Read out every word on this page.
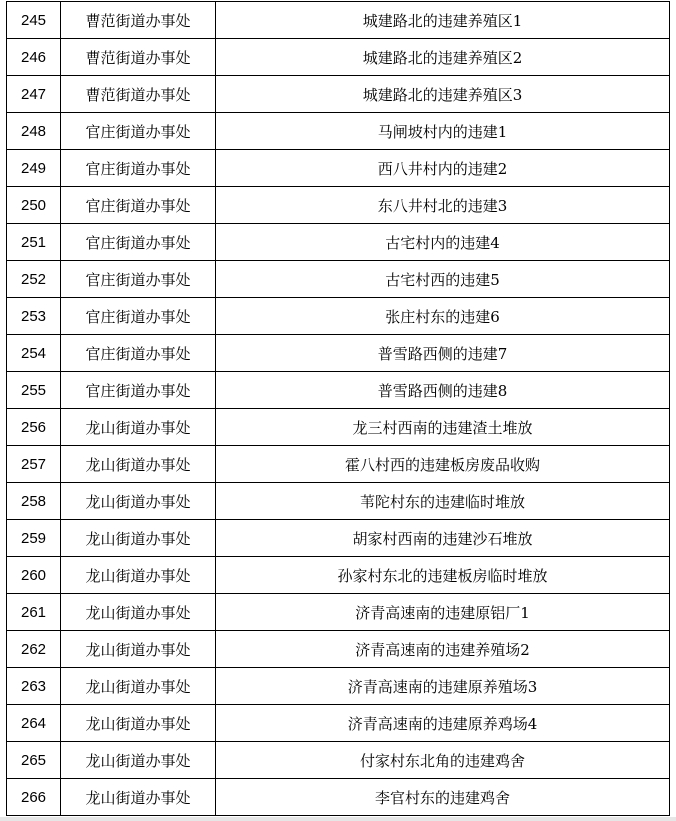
245	曹范街道办事处	城建路北的违建养殖区1
246	曹范街道办事处	城建路北的违建养殖区2
247	曹范街道办事处	城建路北的违建养殖区3
248	官庄街道办事处	马闸坡村内的违建1
249	官庄街道办事处	西八井村内的违建2
250	官庄街道办事处	东八井村北的违建3
251	官庄街道办事处	古宅村内的违建4
252	官庄街道办事处	古宅村西的违建5
253	官庄街道办事处	张庄村东的违建6
254	官庄街道办事处	普雪路西侧的违建7
255	官庄街道办事处	普雪路西侧的违建8
256	龙山街道办事处	龙三村西南的违建渣土堆放
257	龙山街道办事处	霍八村西的违建板房废品收购
258	龙山街道办事处	苇陀村东的违建临时堆放
259	龙山街道办事处	胡家村西南的违建沙石堆放
260	龙山街道办事处	孙家村东北的违建板房临时堆放
261	龙山街道办事处	济青高速南的违建原铝厂1
262	龙山街道办事处	济青高速南的违建养殖场2
263	龙山街道办事处	济青高速南的违建原养殖场3
264	龙山街道办事处	济青高速南的违建原养鸡场4
265	龙山街道办事处	付家村东北角的违建鸡舍
266	龙山街道办事处	李官村东的违建鸡舍
